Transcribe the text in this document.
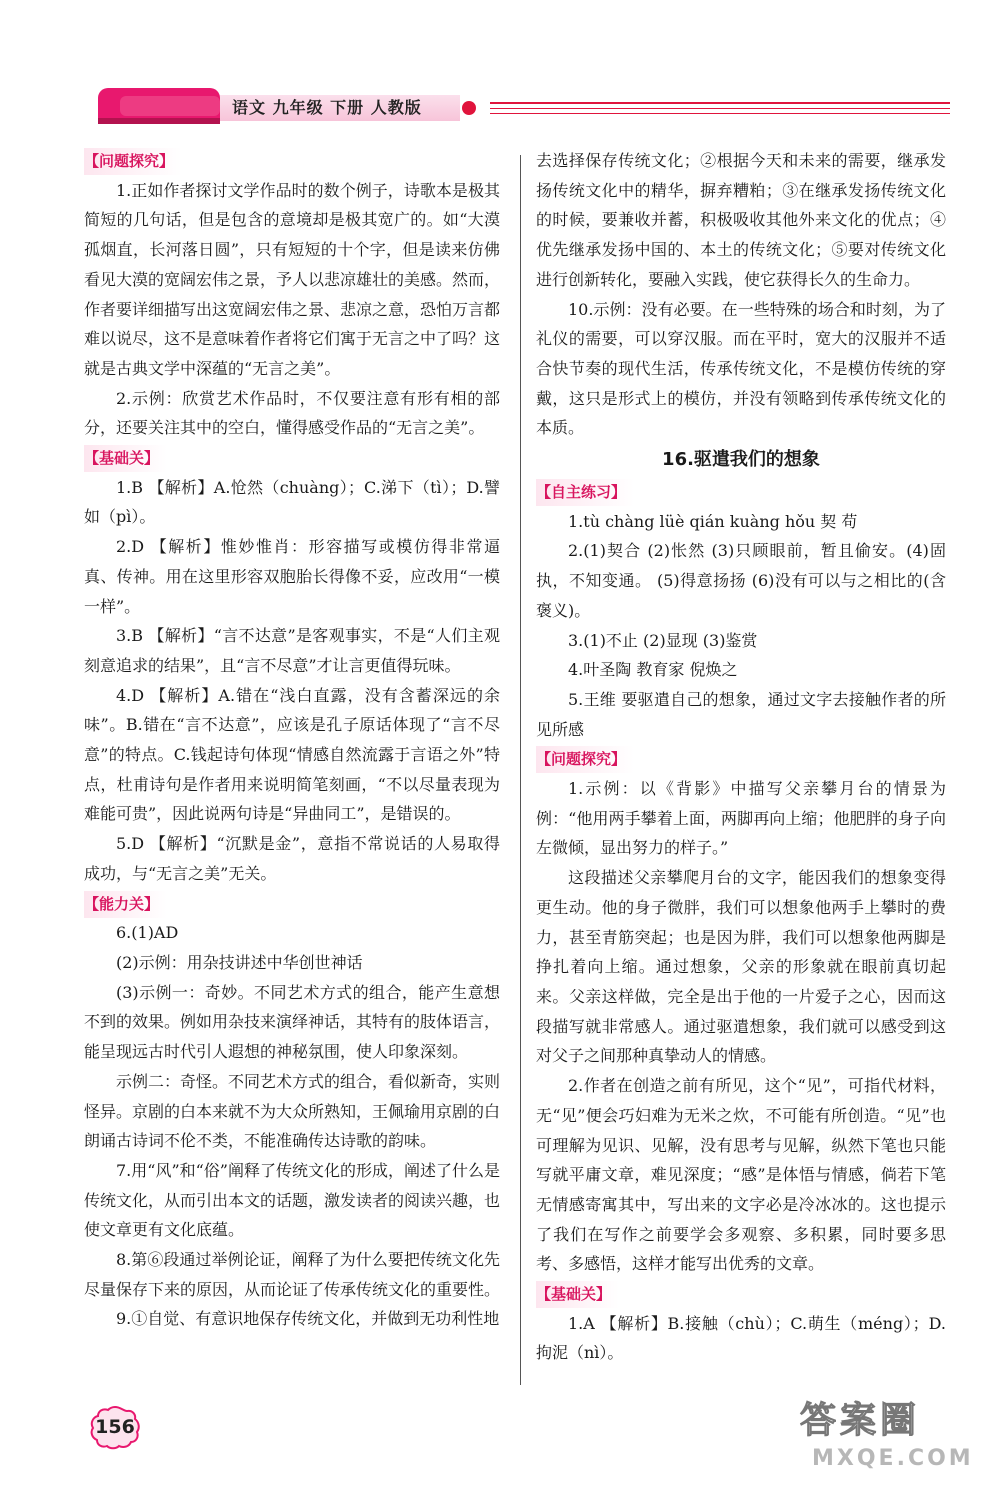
语文 九年级 下册 人教版
【问题探究】

1.正如作者探讨文学作品时的数个例子，诗歌本是极其简短的几句话，但是包含的意境却是极其宽广的。如“大漠孤烟直，长河落日圆”，只有短短的十个字，但是读来仿佛看见大漠的宽阔宏伟之景，予人以悲凉雄壮的美感。然而，作者要详细描写出这宽阔宏伟之景、悲凉之意，恐怕万言都难以说尽，这不是意味着作者将它们寓于无言之中了吗？这就是古典文学中深蕴的“无言之美”。

2.示例：欣赏艺术作品时，不仅要注意有形有相的部分，还要关注其中的空白，懂得感受作品的“无言之美”。

【基础关】

1.B 【解析】A.怆然（chuàng）；C.涕下（tì）；D.譬如（pì）。

2.D 【解析】惟妙惟肖：形容描写或模仿得非常逼真、传神。用在这里形容双胞胎长得像不妥，应改用“一模一样”。

3.B 【解析】“言不达意”是客观事实，不是“人们主观刻意追求的结果”，且“言不尽意”才让言更值得玩味。

4.D 【解析】A.错在“浅白直露，没有含蓄深远的余味”。B.错在“言不达意”，应该是孔子原话体现了“言不尽意”的特点。C.钱起诗句体现“情感自然流露于言语之外”特点，杜甫诗句是作者用来说明简笔刻画，“不以尽量表现为难能可贵”，因此说两句诗是“异曲同工”，是错误的。

5.D 【解析】“沉默是金”，意指不常说话的人易取得成功，与“无言之美”无关。

【能力关】

6.(1)AD

(2)示例：用杂技讲述中华创世神话

(3)示例一：奇妙。不同艺术方式的组合，能产生意想不到的效果。例如用杂技来演绎神话，其特有的肢体语言，能呈现远古时代引人遐想的神秘氛围，使人印象深刻。

示例二：奇怪。不同艺术方式的组合，看似新奇，实则怪异。京剧的白本来就不为大众所熟知，王佩瑜用京剧的白朗诵古诗词不伦不类，不能准确传达诗歌的韵味。

7.用“风”和“俗”阐释了传统文化的形成，阐述了什么是传统文化，从而引出本文的话题，激发读者的阅读兴趣，也使文章更有文化底蕴。

8.第⑥段通过举例论证，阐释了为什么要把传统文化先尽量保存下来的原因，从而论证了传承传统文化的重要性。

9.①自觉、有意识地保存传统文化，并做到无功利性地

去选择保存传统文化；②根据今天和未来的需要，继承发扬传统文化中的精华，摒弃糟粕；③在继承发扬传统文化的时候，要兼收并蓄，积极吸收其他外来文化的优点；④优先继承发扬中国的、本土的传统文化；⑤要对传统文化进行创新转化，要融入实践，使它获得长久的生命力。

10.示例：没有必要。在一些特殊的场合和时刻，为了礼仪的需要，可以穿汉服。而在平时，宽大的汉服并不适合快节奏的现代生活，传承传统文化，不是模仿传统的穿戴，这只是形式上的模仿，并没有领略到传承传统文化的本质。

16.驱遣我们的想象
【自主练习】

1.tù chàng lüè qián kuàng hǒu 契 苟

2.(1)契合 (2)怅然 (3)只顾眼前，暂且偷安。(4)固执，不知变通。 (5)得意扬扬 (6)没有可以与之相比的(含褒义)。

3.(1)不止 (2)显现 (3)鉴赏

4.叶圣陶 教育家 倪焕之

5.王维 要驱遣自己的想象，通过文字去接触作者的所见所感

【问题探究】

1.示例：以《背影》中描写父亲攀月台的情景为例：“他用两手攀着上面，两脚再向上缩；他肥胖的身子向左微倾，显出努力的样子。”

这段描述父亲攀爬月台的文字，能因我们的想象变得更生动。他的身子微胖，我们可以想象他两手上攀时的费力，甚至青筋突起；也是因为胖，我们可以想象他两脚是挣扎着向上缩。通过想象，父亲的形象就在眼前真切起来。父亲这样做，完全是出于他的一片爱子之心，因而这段描写就非常感人。通过驱遣想象，我们就可以感受到这对父子之间那种真挚动人的情感。

2.作者在创造之前有所见，这个“见”，可指代材料，无“见”便会巧妇难为无米之炊，不可能有所创造。“见”也可理解为见识、见解，没有思考与见解，纵然下笔也只能写就平庸文章，难见深度；“感”是体悟与情感，倘若下笔无情感寄寓其中，写出来的文字必是冷冰冰的。这也提示了我们在写作之前要学会多观察、多积累，同时要多思考、多感悟，这样才能写出优秀的文章。

【基础关】

1.A 【解析】B.接触（chù）；C.萌生（méng）；D.拘泥（nì）。

156	答案圈
MXQE.COM
